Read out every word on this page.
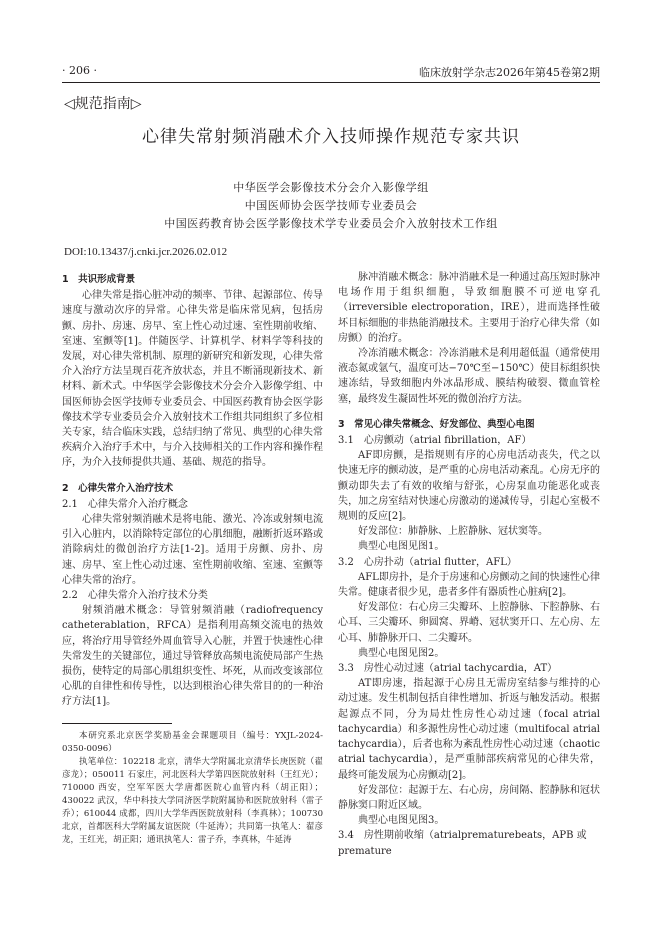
· 206 ·	临床放射学杂志2026年第45卷第2期
◁规范指南▷
心律失常射频消融术介入技师操作规范专家共识
中华医学会影像技术分会介入影像学组
中国医师协会医学技师专业委员会
中国医药教育协会医学影像技术学专业委员会介入放射技术工作组
DOI:10.13437/j.cnki.jcr.2026.02.012
1　共识形成背景

心律失常是指心脏冲动的频率、节律、起源部位、传导速度与激动次序的异常。心律失常是临床常见病，包括房颤、房扑、房速、房早、室上性心动过速、室性期前收缩、室速、室颤等[1]。伴随医学、计算机学、材料学等科技的发展，对心律失常机制、原理的新研究和新发现，心律失常介入治疗方法呈现百花齐放状态，并且不断涌现新技术、新材料、新术式。中华医学会影像技术分会介入影像学组、中国医师协会医学技师专业委员会、中国医药教育协会医学影像技术学专业委员会介入放射技术工作组共同组织了多位相关专家，结合临床实践，总结归纳了常见、典型的心律失常疾病介入治疗手术中，与介入技师相关的工作内容和操作程序，为介入技师提供共通、基础、规范的指导。

2　心律失常介入治疗技术
2.1　心律失常介入治疗概念

心律失常射频消融术是将电能、激光、冷冻或射频电流引入心脏内，以消除特定部位的心肌细胞，融断折返环路或消除病灶的微创治疗方法[1-2]。适用于房颤、房扑、房速、房早、室上性心动过速、室性期前收缩、室速、室颤等心律失常的治疗。

2.2　心律失常介入治疗技术分类

射频消融术概念：导管射频消融（radiofrequency catheterablation，RFCA）是指利用高频交流电的热效应，将治疗用导管经外周血管导入心脏，并置于快速性心律失常发生的关键部位，通过导管释放高频电流使局部产生热损伤，使特定的局部心肌组织变性、坏死，从而改变该部位心肌的自律性和传导性，以达到根治心律失常目的的一种治疗方法[1]。

本研究系北京医学奖励基金会课题项目（编号：YXJL-2024-0350-0096）

执笔单位：102218 北京，清华大学附属北京清华长庚医院（翟彦龙）；050011 石家庄，河北医科大学第四医院放射科（王红光）；710000 西安，空军军医大学唐都医院心血管内科（胡正阳）；430022 武汉，华中科技大学同济医学院附属协和医院放射科（雷子乔）；610044 成都，四川大学华西医院放射科（李真林）；100730 北京，首都医科大学附属友谊医院（牛延涛）；共同第一执笔人：翟彦龙，王红光，胡正阳；通讯执笔人：雷子乔，李真林，牛延涛

脉冲消融术概念：脉冲消融术是一种通过高压短时脉冲电场作用于组织细胞，导致细胞膜不可逆电穿孔（irreversible electroporation，IRE），进而选择性破坏目标细胞的非热能消融技术。主要用于治疗心律失常（如房颤）的治疗。

冷冻消融术概念：冷冻消融术是利用超低温（通常使用液态氮或氩气，温度可达−70℃至−150℃）使目标组织快速冻结，导致细胞内外冰晶形成、膜结构破裂、微血管栓塞，最终发生凝固性坏死的微创治疗方法。

3　常见心律失常概念、好发部位、典型心电图
3.1　心房颤动（atrial fibrillation，AF）

AF即房颤，是指规则有序的心房电活动丧失，代之以快速无序的颤动波，是严重的心房电活动紊乱。心房无序的颤动即失去了有效的收缩与舒张，心房泵血功能恶化或丧失，加之房室结对快速心房激动的递减传导，引起心室极不规则的反应[2]。

好发部位：肺静脉、上腔静脉、冠状窦等。

典型心电图见图1。

3.2　心房扑动（atrial flutter，AFL）

AFL即房扑，是介于房速和心房颤动之间的快速性心律失常。健康者很少见，患者多伴有器质性心脏病[2]。

好发部位：右心房三尖瓣环、上腔静脉、下腔静脉、右心耳、三尖瓣环、卵圆窝、界嵴、冠状窦开口、左心房、左心耳、肺静脉开口、二尖瓣环。

典型心电图见图2。

3.3　房性心动过速（atrial tachycardia，AT）

AT即房速，指起源于心房且无需房室结参与维持的心动过速。发生机制包括自律性增加、折返与触发活动。根据起源点不同，分为局灶性房性心动过速（focal atrial tachycardia）和多源性房性心动过速（multifocal atrial tachycardia），后者也称为紊乱性房性心动过速（chaotic atrial tachycardia），是严重肺部疾病常见的心律失常，最终可能发展为心房颤动[2]。

好发部位：起源于左、右心房，房间隔、腔静脉和冠状静脉窦口附近区域。

典型心电图见图3。

3.4　房性期前收缩（atrialprematurebeats，APB 或 premature
